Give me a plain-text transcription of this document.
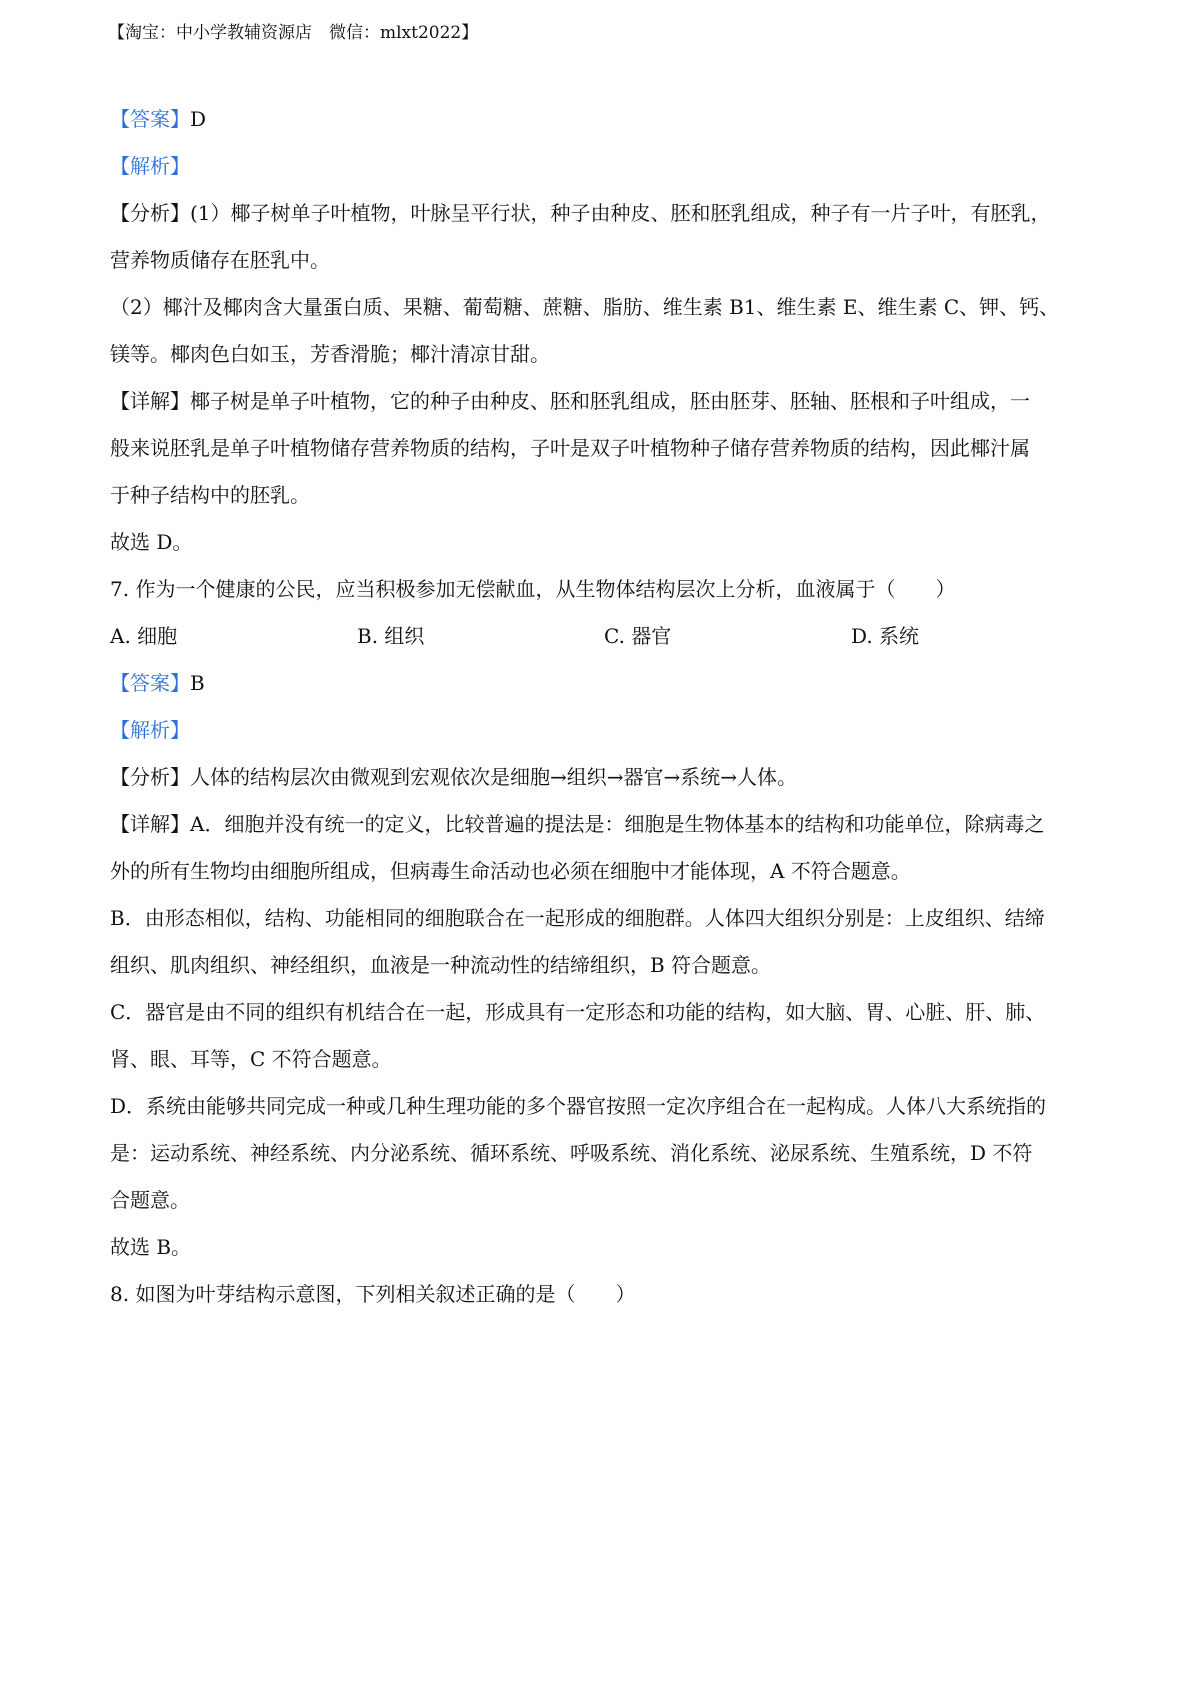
【淘宝：中小学教辅资源店　微信：mlxt2022】
【答案】D
【解析】
【分析】(1）椰子树单子叶植物，叶脉呈平行状，种子由种皮、胚和胚乳组成，种子有一片子叶，有胚乳，
营养物质储存在胚乳中。
（2）椰汁及椰肉含大量蛋白质、果糖、葡萄糖、蔗糖、脂肪、维生素 B1、维生素 E、维生素 C、钾、钙、
镁等。椰肉色白如玉，芳香滑脆；椰汁清凉甘甜。
【详解】椰子树是单子叶植物，它的种子由种皮、胚和胚乳组成，胚由胚芽、胚轴、胚根和子叶组成，一
般来说胚乳是单子叶植物储存营养物质的结构，子叶是双子叶植物种子储存营养物质的结构，因此椰汁属
于种子结构中的胚乳。
故选 D。
7. 作为一个健康的公民，应当积极参加无偿献血，从生物体结构层次上分析，血液属于（　　）
A. 细胞	B. 组织	C. 器官	D. 系统
【答案】B
【解析】
【分析】人体的结构层次由微观到宏观依次是细胞→组织→器官→系统→人体。
【详解】A．细胞并没有统一的定义，比较普遍的提法是：细胞是生物体基本的结构和功能单位，除病毒之
外的所有生物均由细胞所组成，但病毒生命活动也必须在细胞中才能体现，A 不符合题意。
B．由形态相似，结构、功能相同的细胞联合在一起形成的细胞群。人体四大组织分别是：上皮组织、结缔
组织、肌肉组织、神经组织，血液是一种流动性的结缔组织，B 符合题意。
C．器官是由不同的组织有机结合在一起，形成具有一定形态和功能的结构，如大脑、胃、心脏、肝、肺、
肾、眼、耳等，C 不符合题意。
D．系统由能够共同完成一种或几种生理功能的多个器官按照一定次序组合在一起构成。人体八大系统指的
是：运动系统、神经系统、内分泌系统、循环系统、呼吸系统、消化系统、泌尿系统、生殖系统，D 不符
合题意。
故选 B。
8. 如图为叶芽结构示意图，下列相关叙述正确的是（　　）
